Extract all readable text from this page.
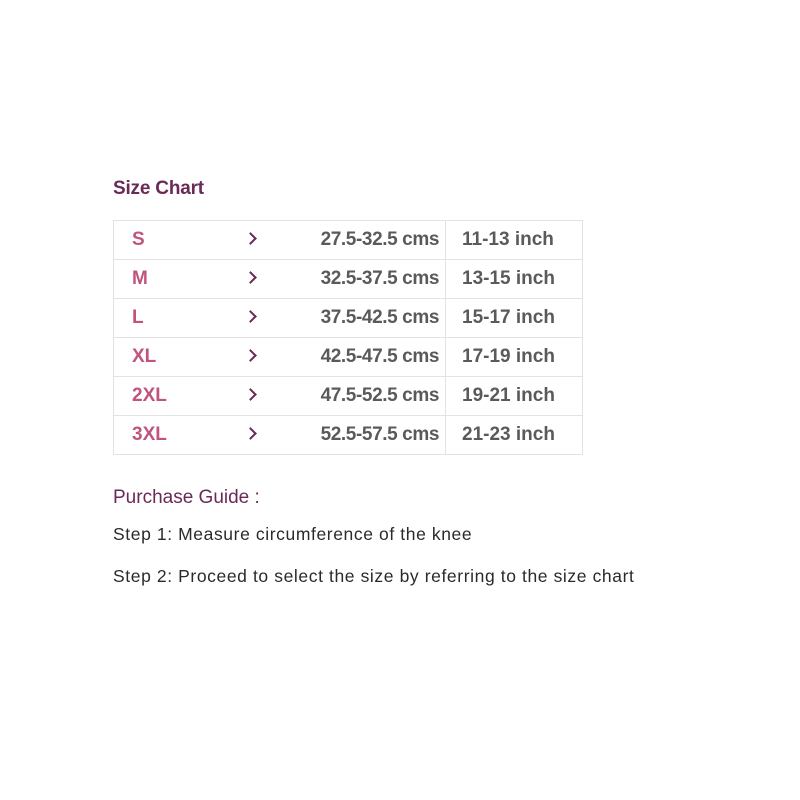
Size Chart
S		27.5-32.5 cms	11-13 inch
M		32.5-37.5 cms	13-15 inch
L		37.5-42.5 cms	15-17 inch
XL		42.5-47.5 cms	17-19 inch
2XL		47.5-52.5 cms	19-21 inch
3XL		52.5-57.5 cms	21-23 inch
Purchase Guide :

Step 1: Measure circumference of the knee

Step 2: Proceed to select the size by referring to the size chart
